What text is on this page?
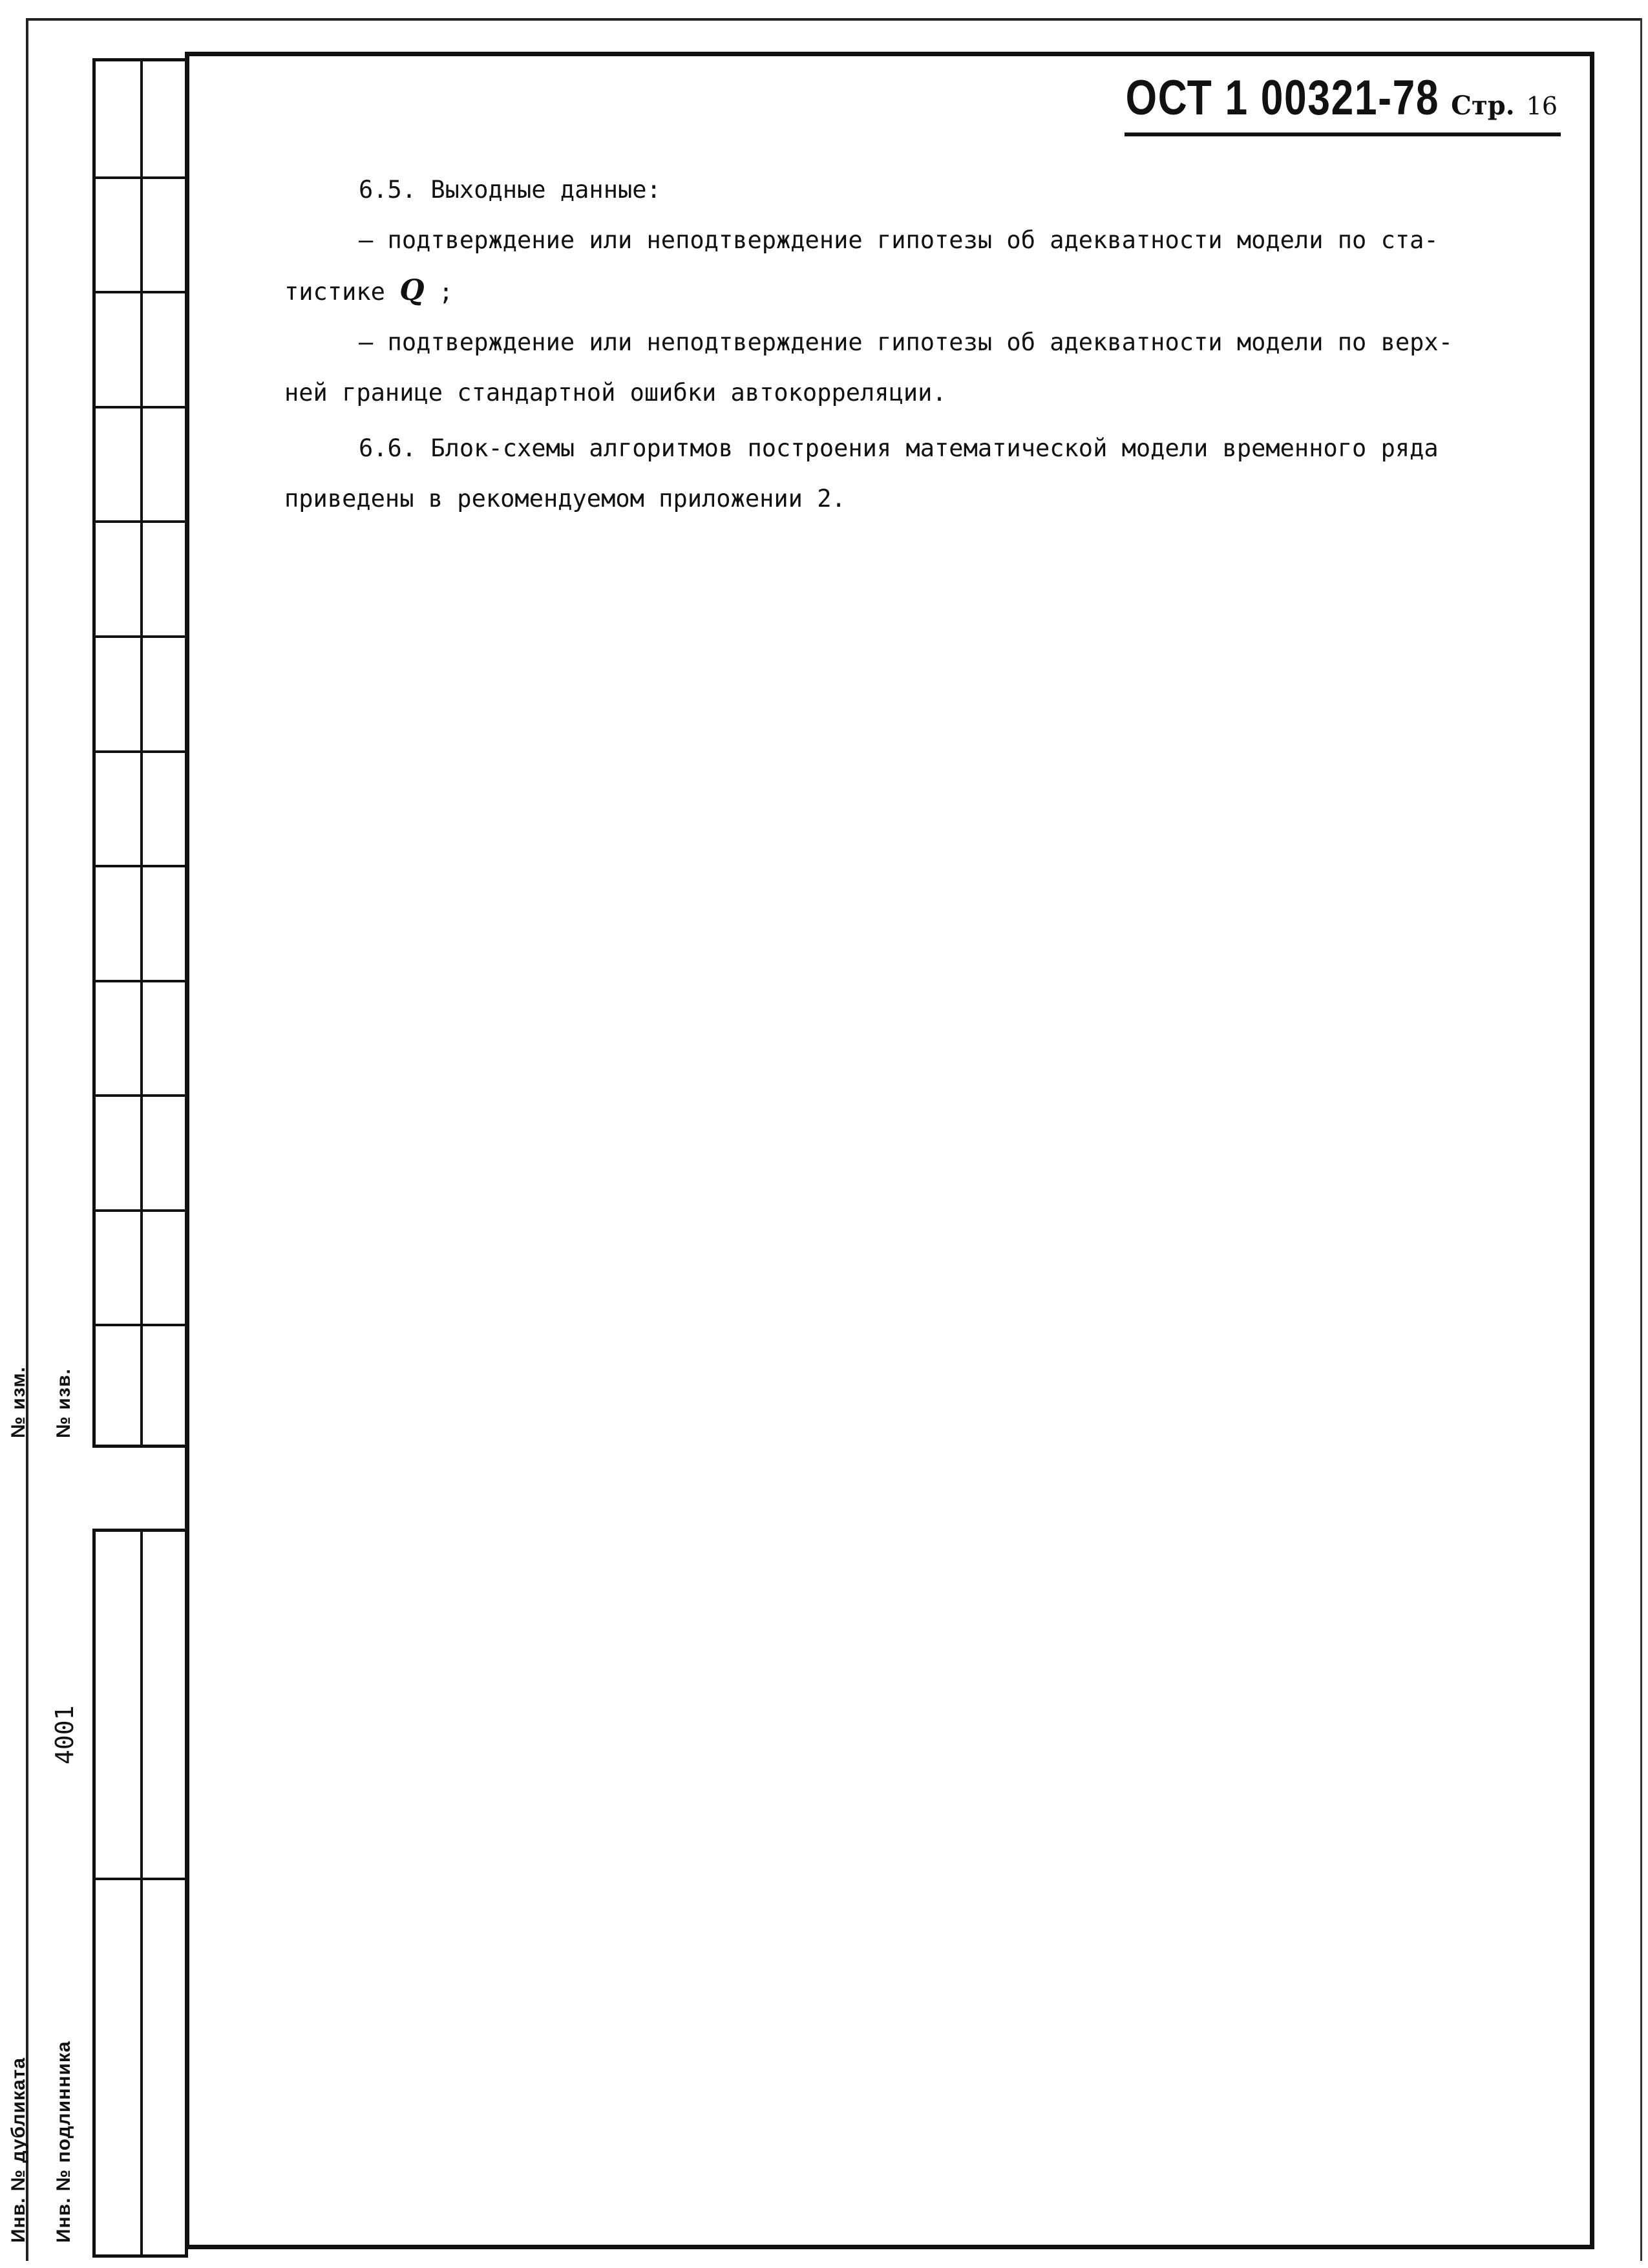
№ изм. № изв.
Инв. № дубликата Инв. № подлинника
4001
ОСТ 1 00321-78 Стр. 16

6.5. Выходные данные:

– подтверждение или неподтверждение гипотезы об адекватности модели по ста-

тистике Q ;

– подтверждение или неподтверждение гипотезы об адекватности модели по верх-

ней границе стандартной ошибки автокорреляции.

6.6. Блок-схемы алгоритмов построения математической модели временного ряда

приведены в рекомендуемом приложении 2.
